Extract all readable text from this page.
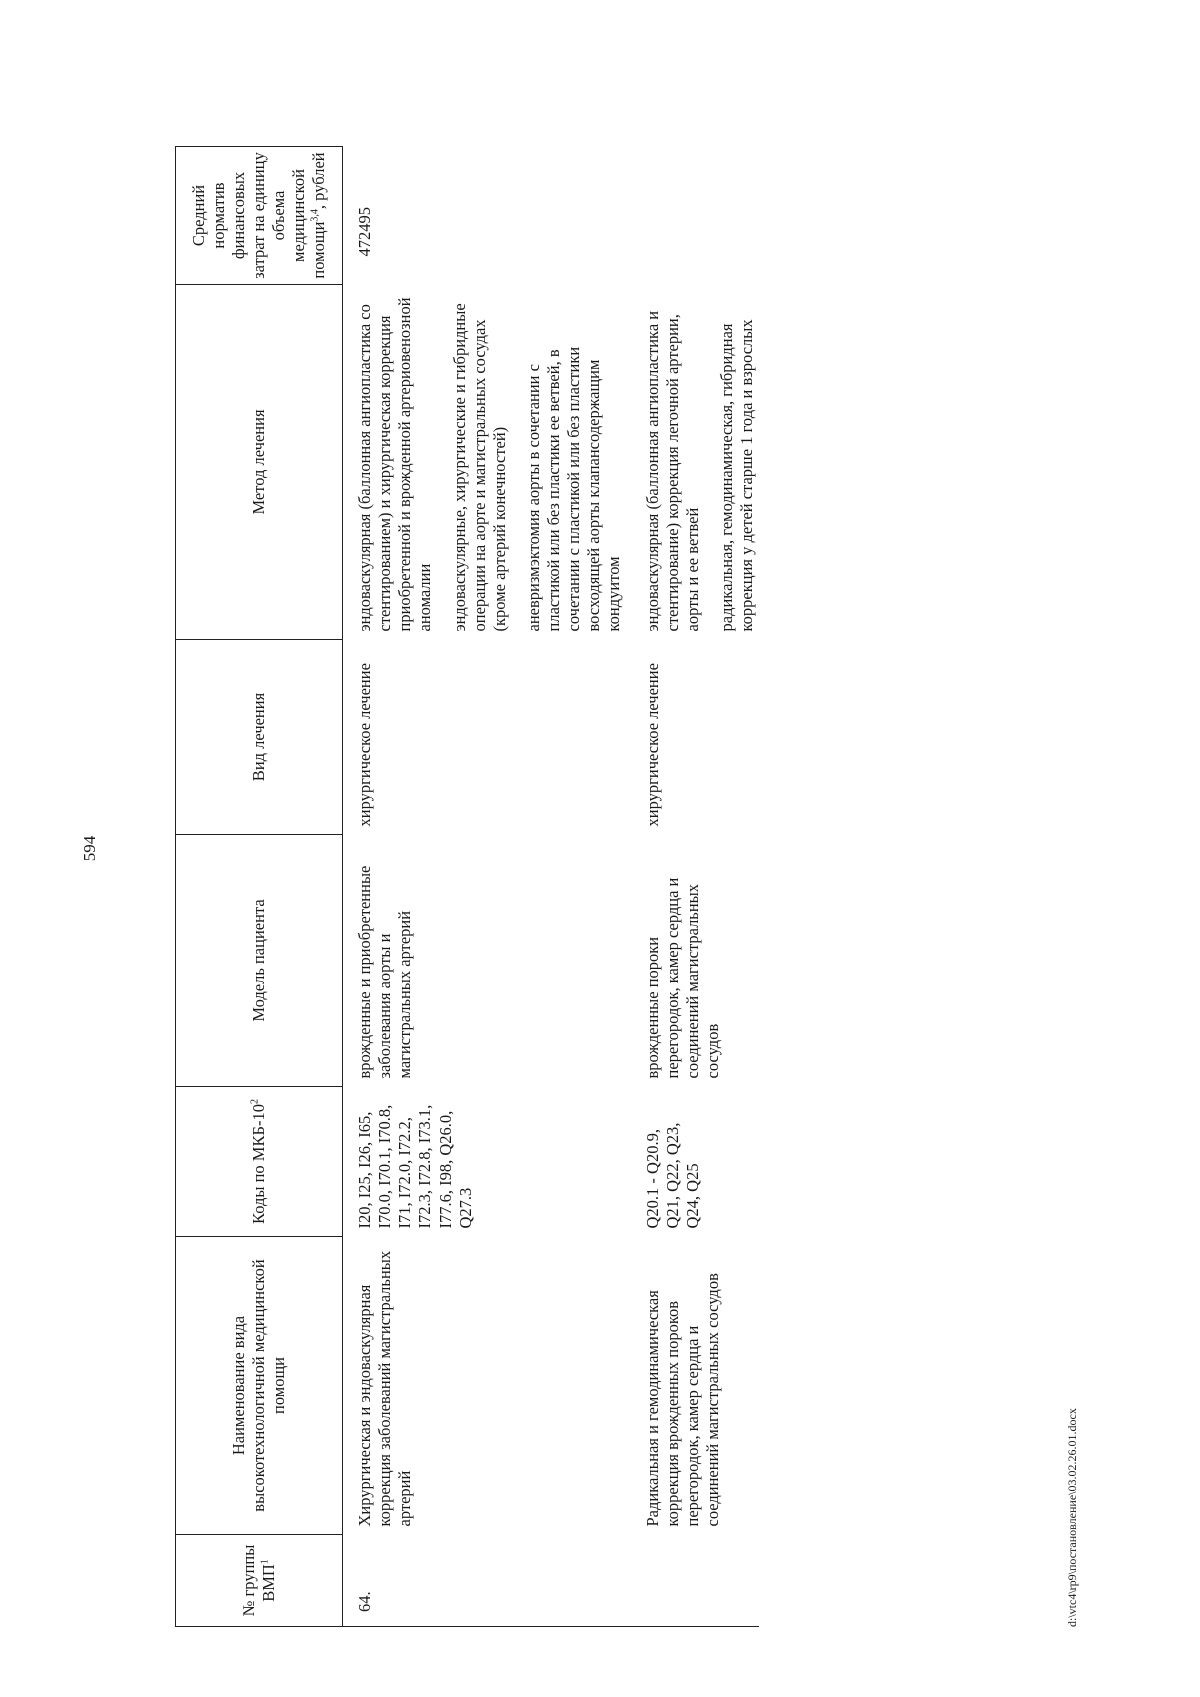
594
№ группы ВМП$^1$	Наименование вида высокотехнологичной медицинской помощи	Коды по МКБ-$10^2$	Модель пациента	Вид лечения	Метод лечения	Средний норматив финансовых затрат на единицу объема медицинской помощи$^{3,4}$, рублей
64.	Хирургическая и эндоваскулярная коррекция заболеваний магистральных артерий	I20, I25, I26, I65, I70.0, I70.1, I70.8, I71, I72.0, I72.2, I72.3, I72.8, I73.1, I77.6, I98, Q26.0, Q27.3	врожденные и приобретенные заболевания аорты и магистральных артерий	хирургическое лечение	эндоваскулярная (баллонная ангиопластика со стентированием) и хирургическая коррекция приобретенной и врожденной артериовенозной аномалии эндоваскулярные, хирургические и гибридные операции на аорте и магистральных сосудах (кроме артерий конечностей) аневризмэктомия аорты в сочетании с пластикой или без пластики ее ветвей, в сочетании с пластикой или без пластики восходящей аорты клапансодержащим кондуитом	472495
	Радикальная и гемодинамическая коррекция врожденных пороков перегородок, камер сердца и соединений магистральных сосудов	Q20.1 - Q20.9, Q21, Q22, Q23, Q24, Q25	врожденные пороки перегородок, камер сердца и соединений магистральных сосудов	хирургическое лечение	эндоваскулярная (баллонная ангиопластика и стентирование) коррекция легочной артерии, аорты и ее ветвей радикальная, гемодинамическая, гибридная коррекция у детей старше 1 года и взрослых	

d:\vtc4\rp9\постановление\03.02.26.01.docx
